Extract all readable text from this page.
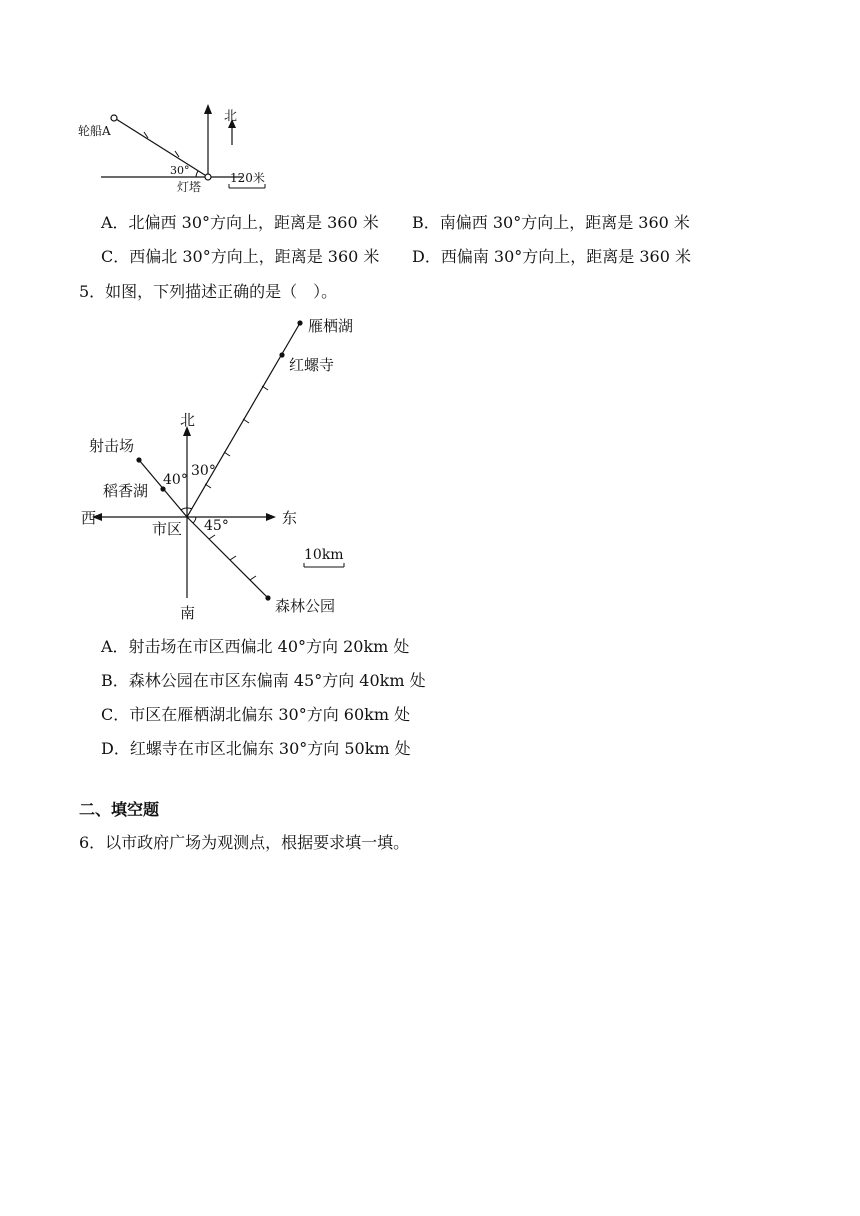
轮船A
30°
灯塔
北
120米
A．北偏西 30°方向上，距离是 360 米 B．南偏西 30°方向上，距离是 360 米
C．西偏北 30°方向上，距离是 360 米 D．西偏南 30°方向上，距离是 360 米
5．如图，下列描述正确的是（　）。
雁栖湖
红螺寺
北
射击场
40°
30°
稻香湖
西	东
市区 45°
10km
南	森林公园
A．射击场在市区西偏北 40°方向 20km 处
B．森林公园在市区东偏南 45°方向 40km 处
C．市区在雁栖湖北偏东 30°方向 60km 处
D．红螺寺在市区北偏东 30°方向 50km 处
二、填空题
6．以市政府广场为观测点，根据要求填一填。
